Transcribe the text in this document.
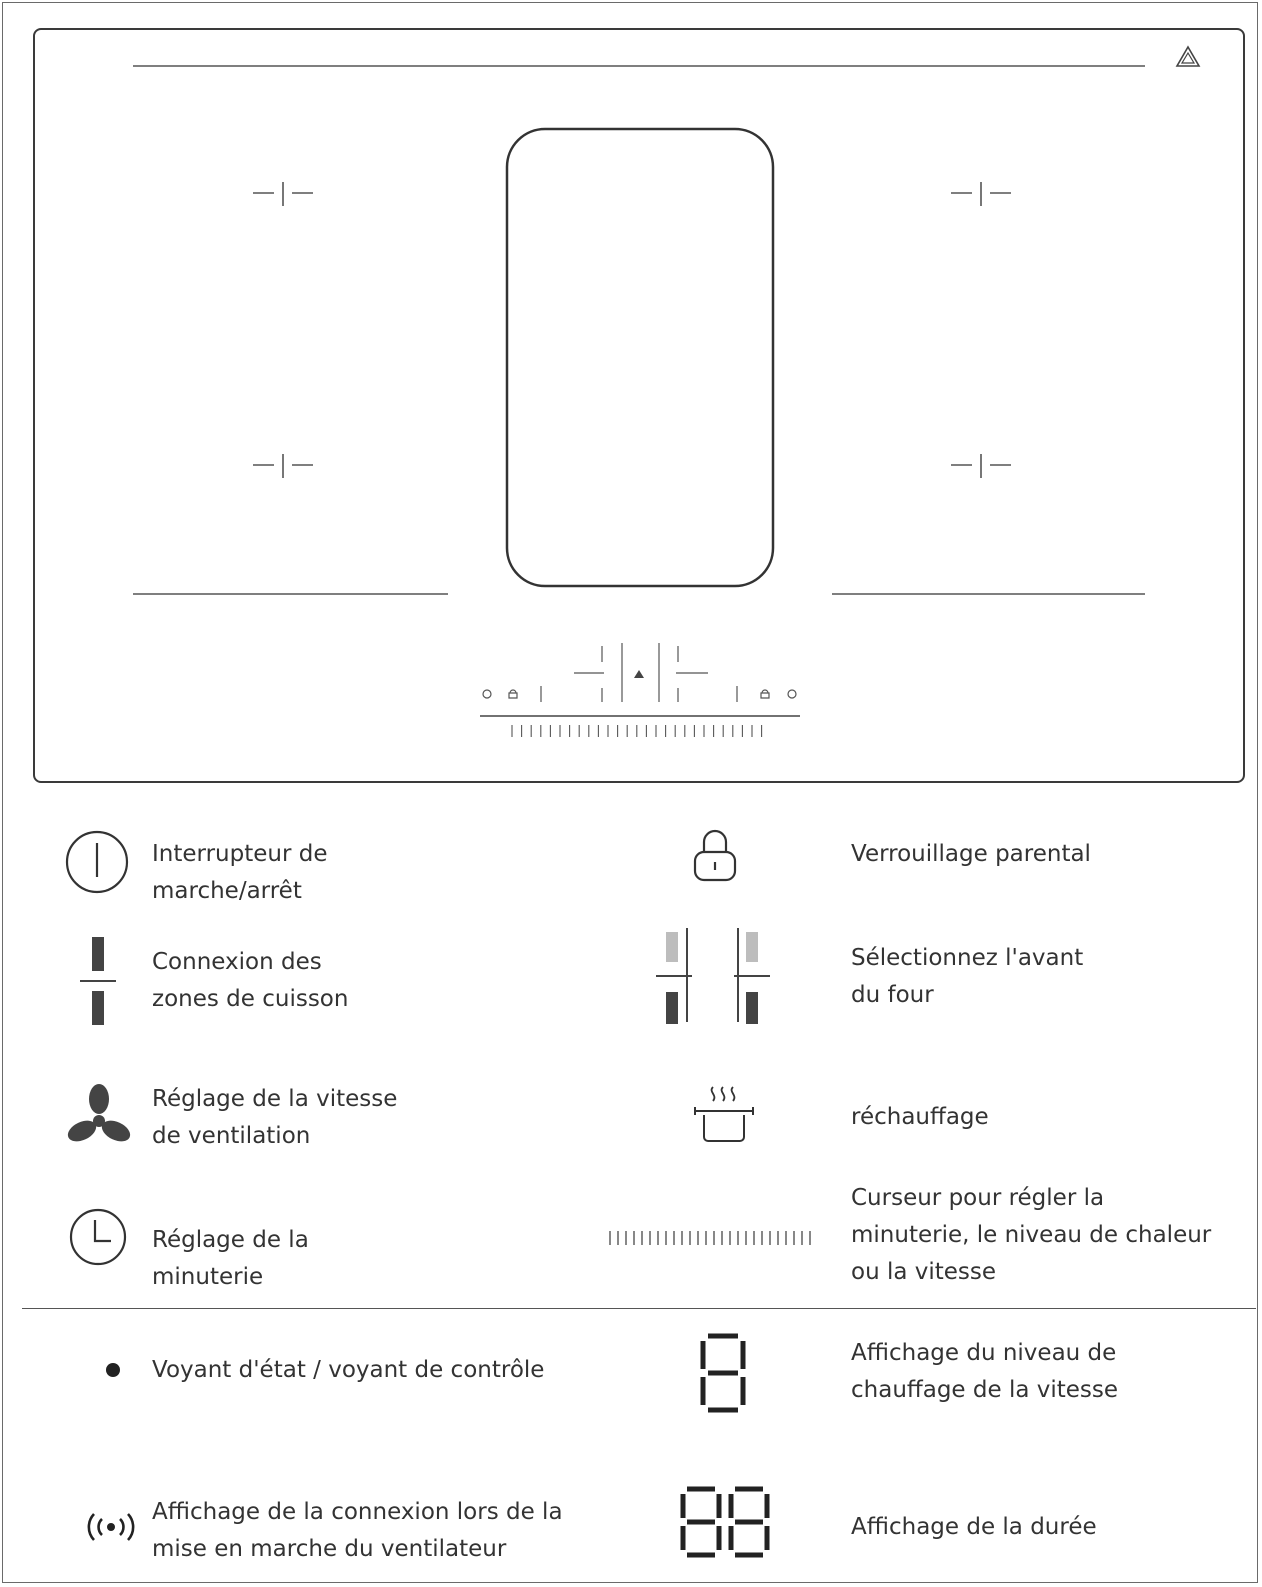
Interrupteur de
marche/arrêt
Connexion des
zones de cuisson
Réglage de la vitesse
de ventilation
Réglage de la
minuterie
Verrouillage parental
Sélectionnez l'avant
du four
réchauffage
Curseur pour régler la
minuterie, le niveau de chaleur
ou la vitesse
Voyant d'état / voyant de contrôle
Affichage du niveau de
chauffage de la vitesse
Affichage de la connexion lors de la
mise en marche du ventilateur
Affichage de la durée
